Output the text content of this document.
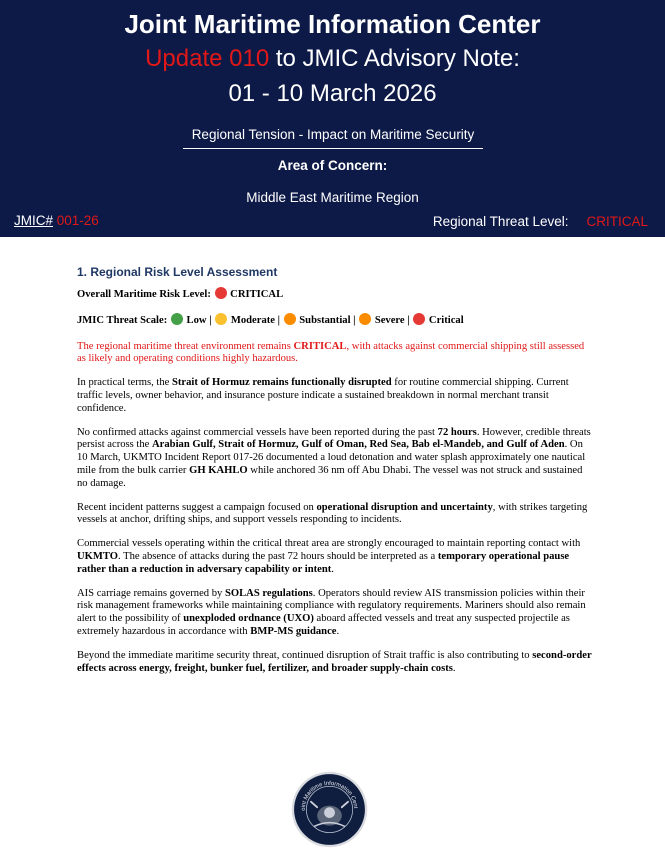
Joint Maritime Information Center
Update 010 to JMIC Advisory Note:
01 - 10 March 2026
Regional Tension - Impact on Maritime Security
Area of Concern:
Middle East Maritime Region
JMIC# 001-26	Regional Threat Level: CRITICAL
1. Regional Risk Level Assessment
Overall Maritime Risk Level: CRITICAL
JMIC Threat Scale: Low |  Moderate |  Substantial |  Severe |  Critical
The regional maritime threat environment remains CRITICAL, with attacks against commercial shipping still assessed as likely and operating conditions highly hazardous.
In practical terms, the Strait of Hormuz remains functionally disrupted for routine commercial shipping. Current traffic levels, owner behavior, and insurance posture indicate a sustained breakdown in normal merchant transit confidence.
No confirmed attacks against commercial vessels have been reported during the past 72 hours. However, credible threats persist across the Arabian Gulf, Strait of Hormuz, Gulf of Oman, Red Sea, Bab el-Mandeb, and Gulf of Aden. On 10 March, UKMTO Incident Report 017-26 documented a loud detonation and water splash approximately one nautical mile from the bulk carrier GH KAHLO while anchored 36 nm off Abu Dhabi. The vessel was not struck and sustained no damage.
Recent incident patterns suggest a campaign focused on operational disruption and uncertainty, with strikes targeting vessels at anchor, drifting ships, and support vessels responding to incidents.
Commercial vessels operating within the critical threat area are strongly encouraged to maintain reporting contact with UKMTO. The absence of attacks during the past 72 hours should be interpreted as a temporary operational pause rather than a reduction in adversary capability or intent.
AIS carriage remains governed by SOLAS regulations. Operators should review AIS transmission policies within their risk management frameworks while maintaining compliance with regulatory requirements. Mariners should also remain alert to the possibility of unexploded ordnance (UXO) aboard affected vessels and treat any suspected projectile as extremely hazardous in accordance with BMP-MS guidance.
Beyond the immediate maritime security threat, continued disruption of Strait traffic is also contributing to second-order effects across energy, freight, bunker fuel, fertilizer, and broader supply-chain costs.
oint Maritime Information Cent
